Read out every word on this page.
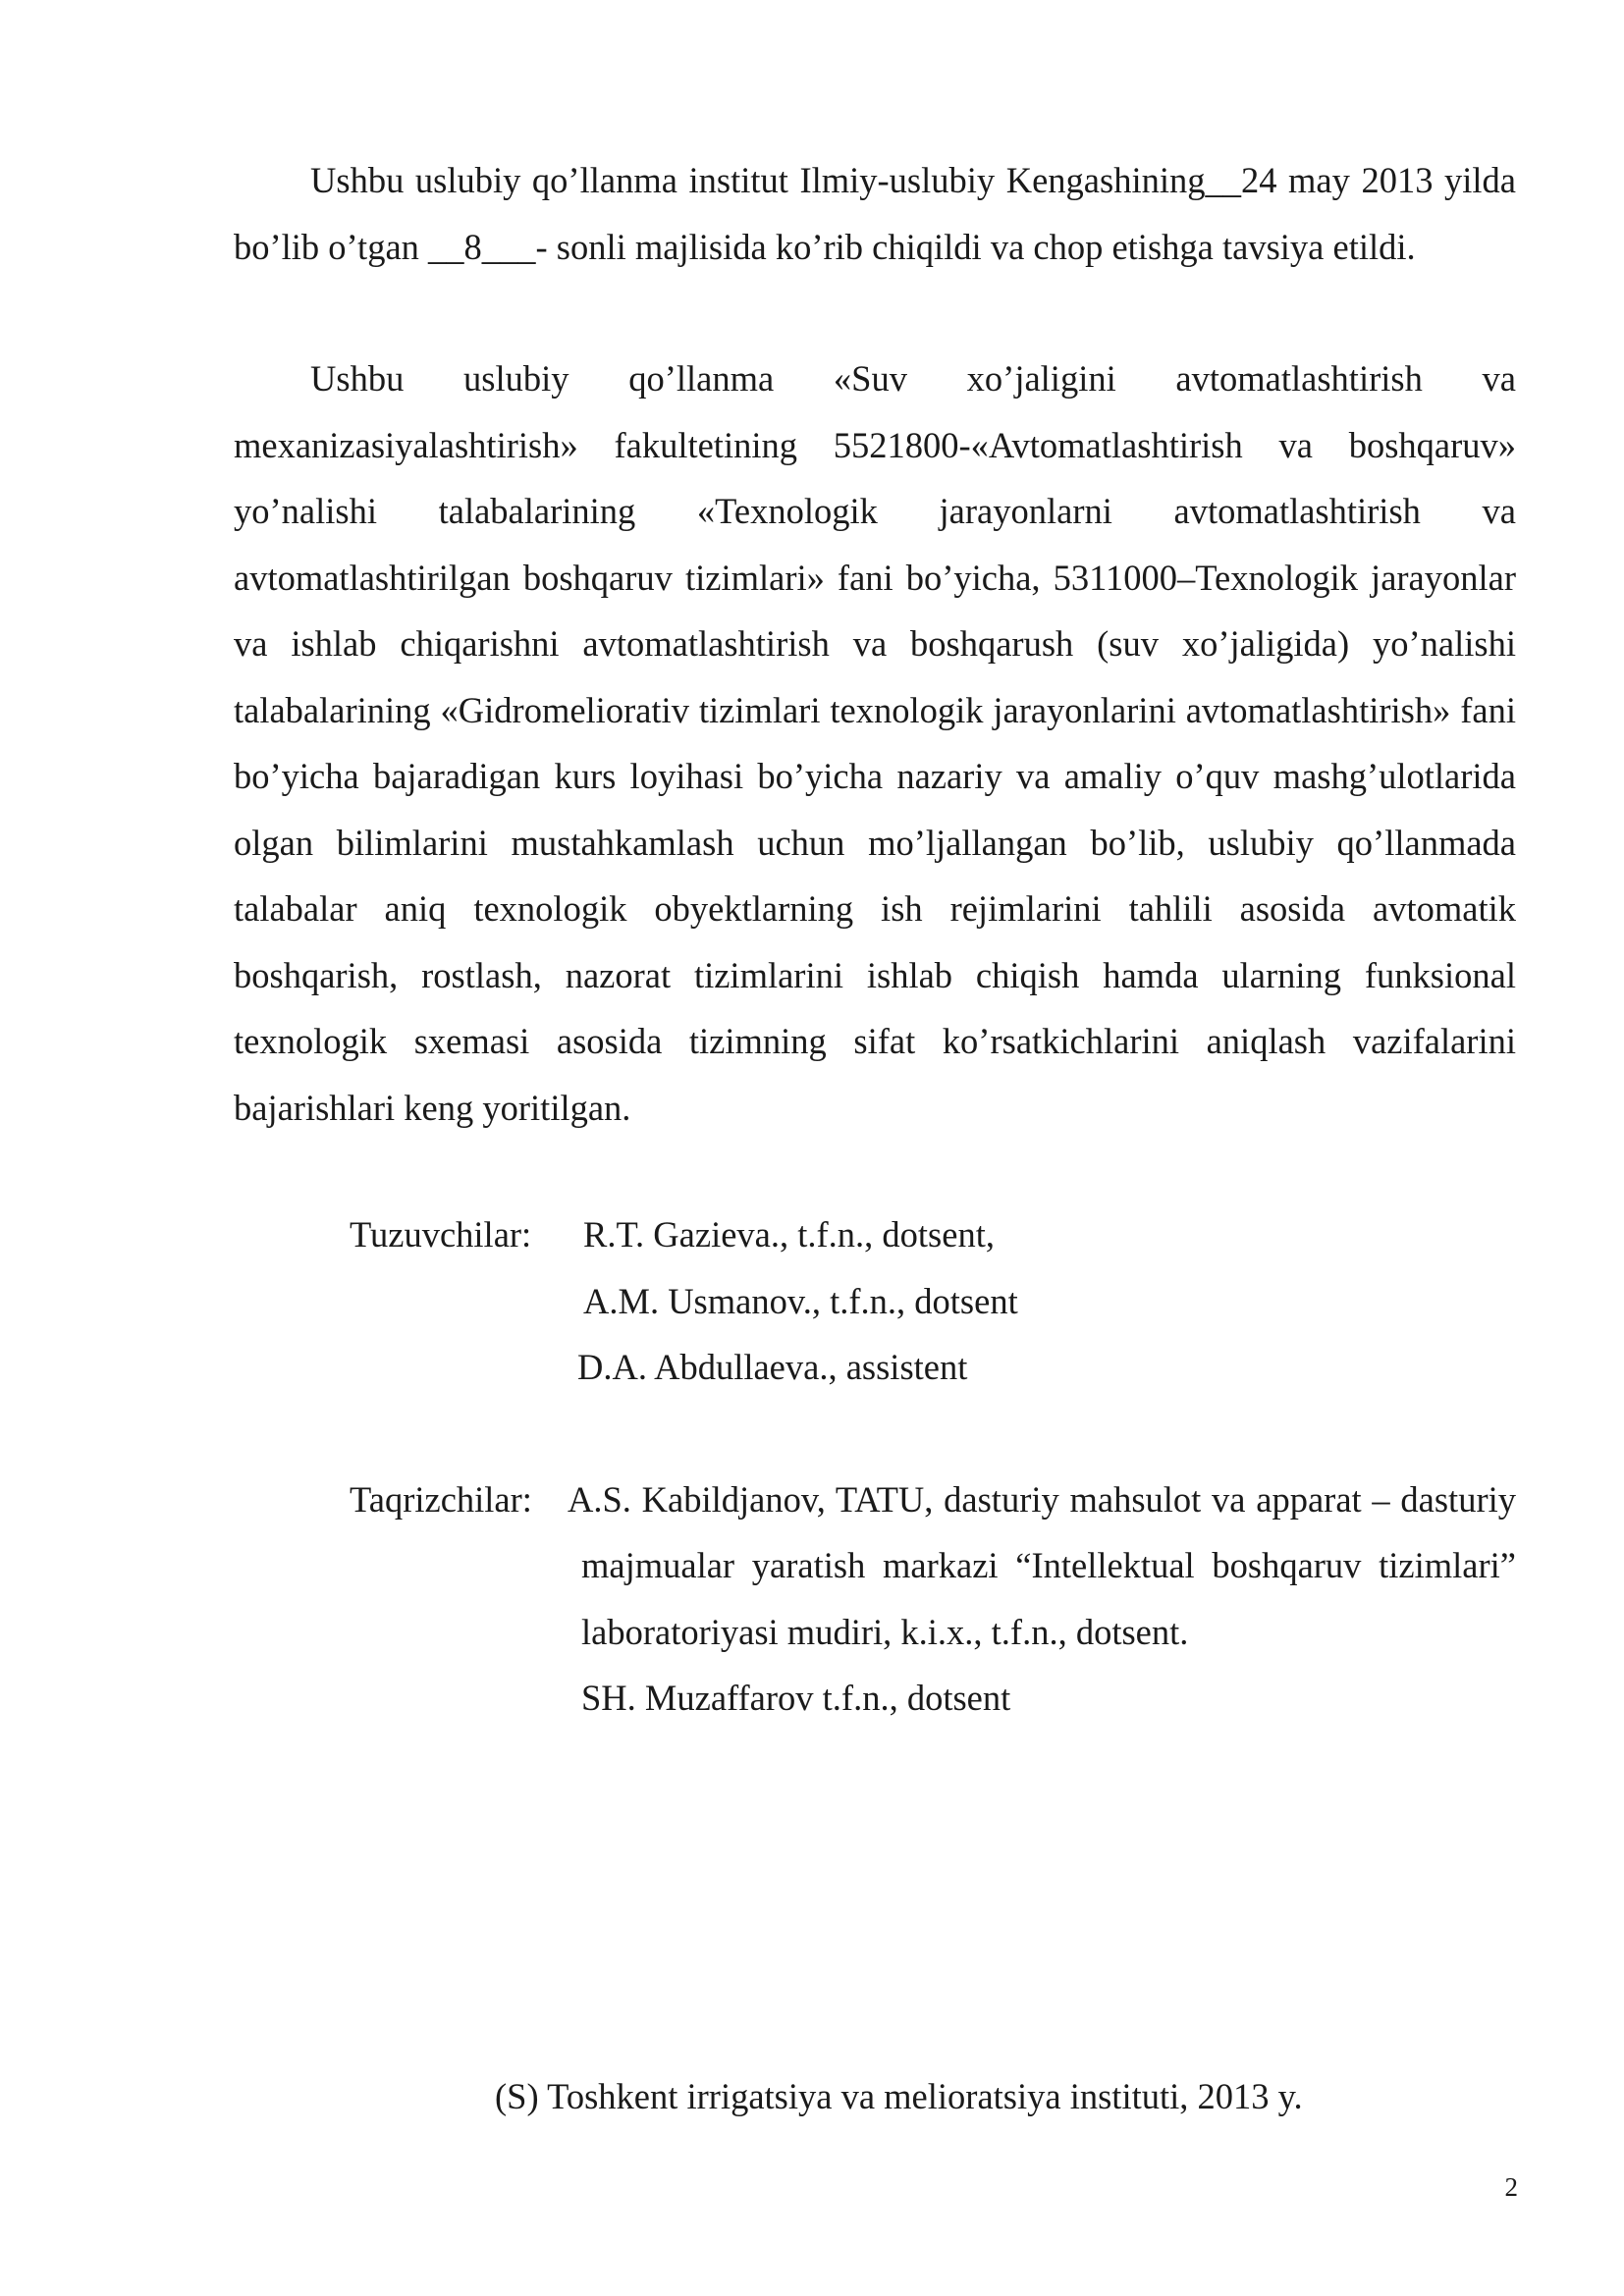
Ushbu uslubiy qo’llanma institut Ilmiy-uslubiy Kengashining__24 may 2013 yilda bo’lib o’tgan __8___- sonli majlisida ko’rib chiqildi va chop etishga tavsiya etildi.

Ushbu uslubiy qo’llanma «Suv xo’jaligini avtomatlashtirish va mexanizasiyalashtirish» fakultetining 5521800-«Avtomatlashtirish va boshqaruv» yo’nalishi talabalarining «Texnologik jarayonlarni avtomatlashtirish va avtomatlashtirilgan boshqaruv tizimlari» fani bo’yicha, 5311000–Texnologik jarayonlar va ishlab chiqarishni avtomatlashtirish va boshqarush (suv xo’jaligida) yo’nalishi talabalarining «Gidromeliorativ tizimlari texnologik jarayonlarini avtomatlashtirish» fani bo’yicha bajaradigan kurs loyihasi bo’yicha nazariy va amaliy o’quv mashg’ulotlarida olgan bilimlarini mustahkamlash uchun mo’ljallangan bo’lib, uslubiy qo’llanmada talabalar aniq texnologik obyektlarning ish rejimlarini tahlili asosida avtomatik boshqarish, rostlash, nazorat tizimlarini ishlab chiqish hamda ularning funksional texnologik sxemasi asosida tizimning sifat ko’rsatkichlarini aniqlash vazifalarini bajarishlari keng yoritilgan.

Tuzuvchilar:	R.T. Gazieva., t.f.n., dotsent,
A.M. Usmanov., t.f.n., dotsent
D.A. Abdullaeva., assistent
Taqrizchilar: A.S. Kabildjanov, TATU, dasturiy mahsulot va apparat – dasturiy majmualar yaratish markazi “Intellektual boshqaruv tizimlari” laboratoriyasi mudiri, k.i.x., t.f.n., dotsent.
SH. Muzaffarov t.f.n., dotsent

(S) Toshkent irrigatsiya va melioratsiya instituti, 2013 y.

2
